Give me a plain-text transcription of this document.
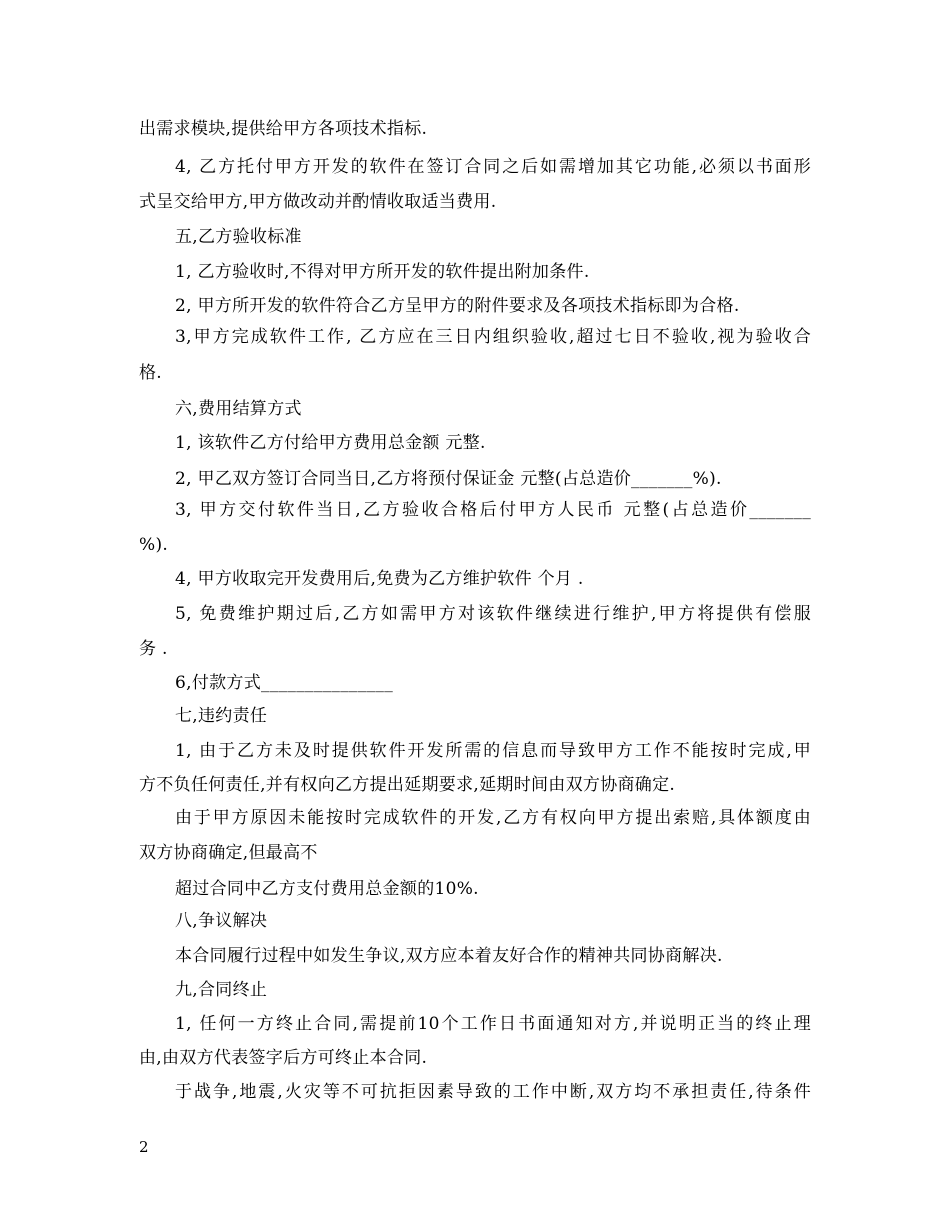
出需求模块,提供给甲方各项技术指标.
4, 乙方托付甲方开发的软件在签订合同之后如需增加其它功能,必须以书面形
式呈交给甲方,甲方做改动并酌情收取适当费用.
五,乙方验收标准
1, 乙方验收时,不得对甲方所开发的软件提出附加条件.
2, 甲方所开发的软件符合乙方呈甲方的附件要求及各项技术指标即为合格.
3,甲方完成软件工作, 乙方应在三日内组织验收,超过七日不验收,视为验收合
格.
六,费用结算方式
1, 该软件乙方付给甲方费用总金额 元整.
2, 甲乙双方签订合同当日,乙方将预付保证金 元整(占总造价_______%).
3, 甲方交付软件当日,乙方验收合格后付甲方人民币 元整(占总造价_______
%).
4, 甲方收取完开发费用后,免费为乙方维护软件 个月 .
5, 免费维护期过后,乙方如需甲方对该软件继续进行维护,甲方将提供有偿服
务 .
6,付款方式_______________
七,违约责任
1, 由于乙方未及时提供软件开发所需的信息而导致甲方工作不能按时完成,甲
方不负任何责任,并有权向乙方提出延期要求,延期时间由双方协商确定.
由于甲方原因未能按时完成软件的开发,乙方有权向甲方提出索赔,具体额度由
双方协商确定,但最高不
超过合同中乙方支付费用总金额的10%.
八,争议解决
本合同履行过程中如发生争议,双方应本着友好合作的精神共同协商解决.
九,合同终止
1, 任何一方终止合同,需提前10个工作日书面通知对方,并说明正当的终止理
由,由双方代表签字后方可终止本合同.
于战争,地震,火灾等不可抗拒因素导致的工作中断,双方均不承担责任,待条件
2
